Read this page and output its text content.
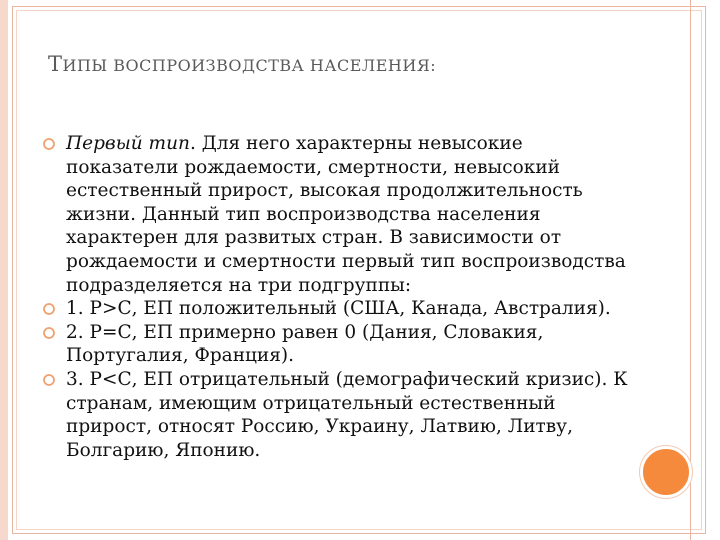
ТИПЫ ВОСПРОИЗВОДСТВА НАСЕЛЕНИЯ:
Первый тип. Для него характерны невысокие показатели рождаемости, смертности, невысокий естественный прирост, высокая продолжительность жизни. Данный тип воспроизводства населения характерен для развитых стран. В зависимости от рождаемости и смертности первый тип воспроизводства подразделяется на три подгруппы:
1. Р>С, ЕП положительный (США, Канада, Австралия).
2. Р=С, ЕП примерно равен 0 (Дания, Словакия, Португалия, Франция).
3. Р<С, ЕП отрицательный (демографический кризис). К странам, имеющим отрицательный естественный прирост, относят Россию, Украину, Латвию, Литву, Болгарию, Японию.
